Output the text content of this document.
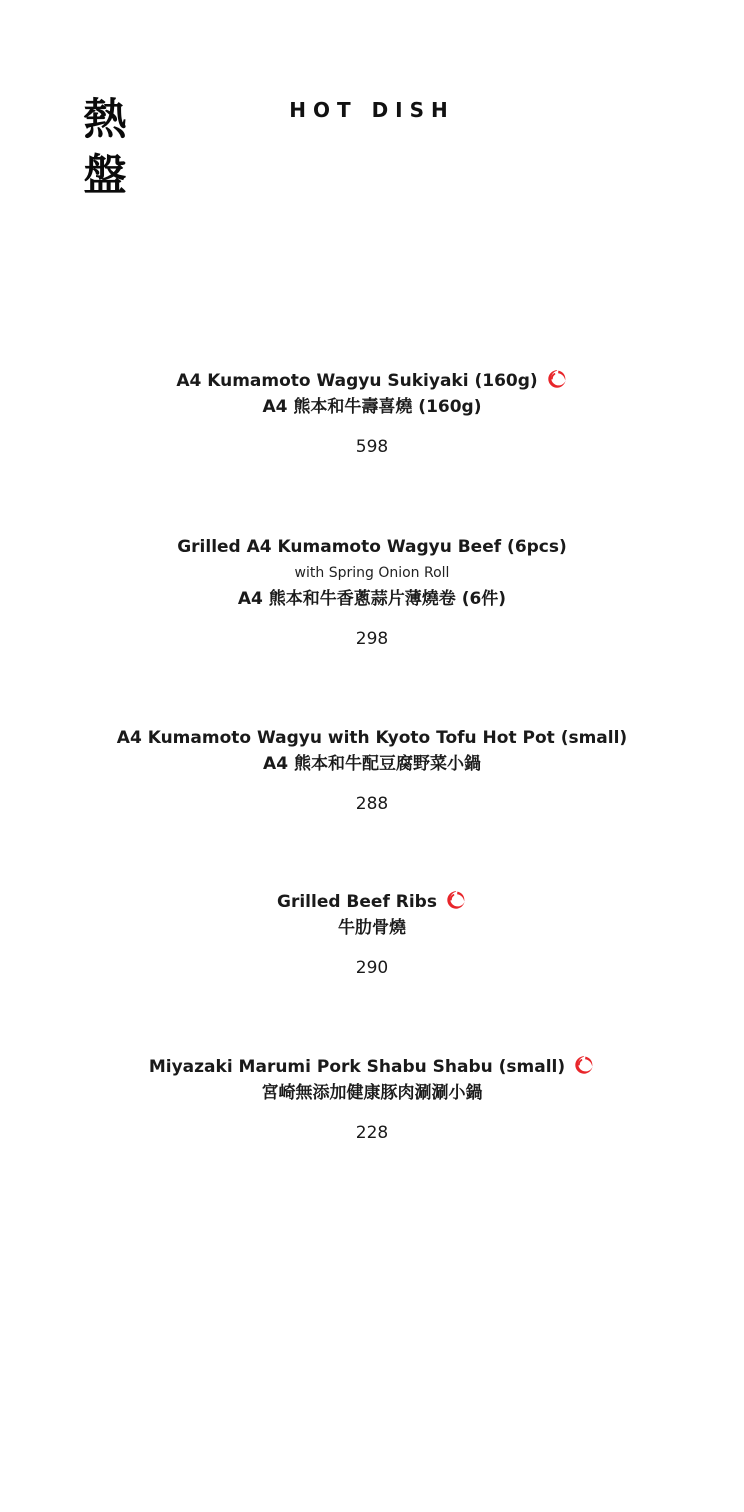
熱
盤
HOT DISH
A4 Kumamoto Wagyu Sukiyaki (160g)
A4 熊本和牛壽喜燒 (160g)
598
Grilled A4 Kumamoto Wagyu Beef (6pcs)
with Spring Onion Roll
A4 熊本和牛香蔥蒜片薄燒卷 (6件)
298
A4 Kumamoto Wagyu with Kyoto Tofu Hot Pot (small)
A4 熊本和牛配豆腐野菜小鍋
288
Grilled Beef Ribs
牛肋骨燒
290
Miyazaki Marumi Pork Shabu Shabu (small)
宮崎無添加健康豚肉涮涮小鍋
228
